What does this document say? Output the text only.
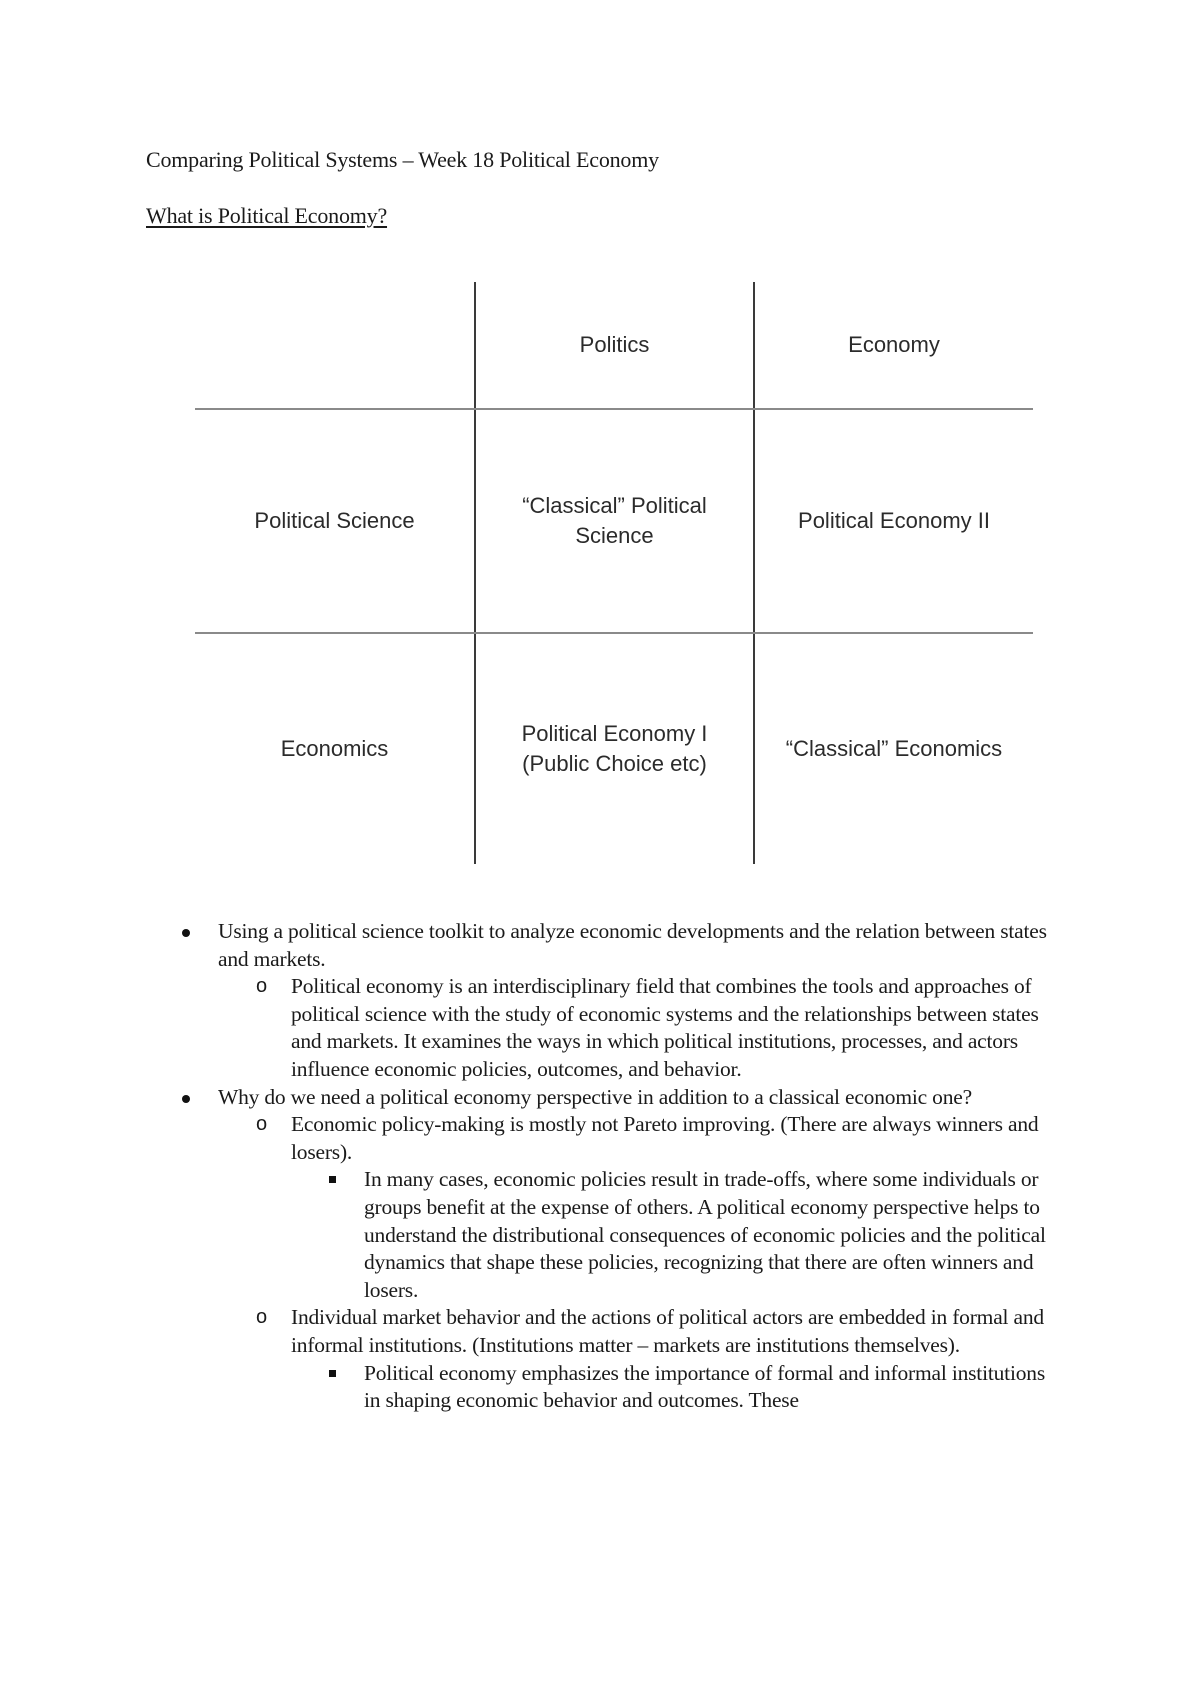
Comparing Political Systems – Week 18 Political Economy
What is Political Economy?
Politics	Economy
Political Science
“Classical” Political Science
Political Economy II
Economics
Political Economy I (Public Choice etc)
“Classical” Economics
Using a political science toolkit to analyze economic developments and the relation between states and markets.
o Political economy is an interdisciplinary field that combines the tools and approaches of political science with the study of economic systems and the relationships between states and markets. It examines the ways in which political institutions, processes, and actors influence economic policies, outcomes, and behavior.
Why do we need a political economy perspective in addition to a classical economic one?
o Economic policy-making is mostly not Pareto improving. (There are always winners and losers).
In many cases, economic policies result in trade-offs, where some individuals or groups benefit at the expense of others. A political economy perspective helps to understand the distributional consequences of economic policies and the political dynamics that shape these policies, recognizing that there are often winners and losers.
o Individual market behavior and the actions of political actors are embedded in formal and informal institutions. (Institutions matter – markets are institutions themselves).
Political economy emphasizes the importance of formal and informal institutions in shaping economic behavior and outcomes. These
